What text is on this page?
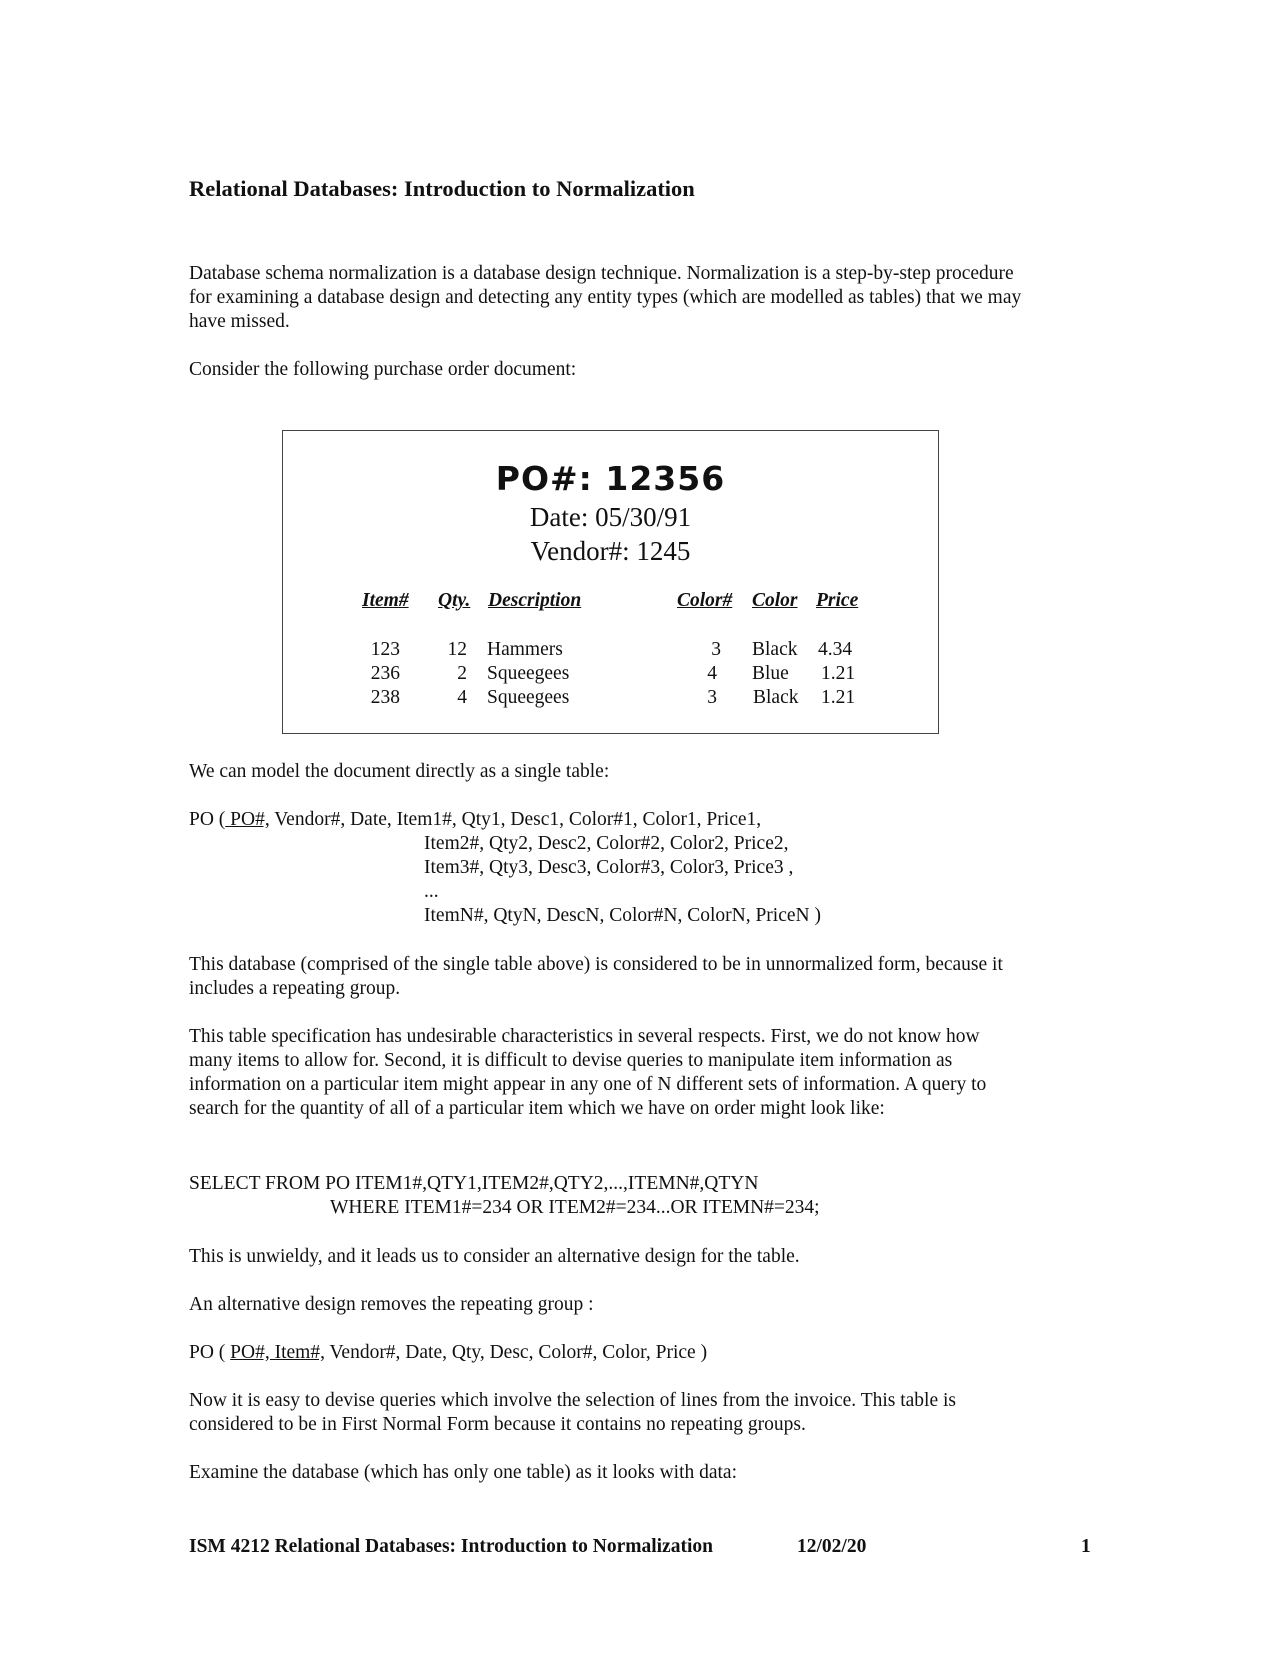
Relational Databases: Introduction to Normalization

Database schema normalization is a database design technique. Normalization is a step-by-step procedure

for examining a database design and detecting any entity types (which are modelled as tables) that we may

have missed.

Consider the following purchase order document:

PO#: 12356
Date: 05/30/91
Vendor#: 1245
Item# Qty. Description	Color# Color Price
123	12 Hammers	3 Black 4.34
236	2 Squeegees	4 Blue 1.21
238	4 Squeegees	3 Black 1.21

We can model the document directly as a single table:

PO ( PO#, Vendor#, Date, Item1#, Qty1, Desc1, Color#1, Color1, Price1,
Item2#, Qty2, Desc2, Color#2, Color2, Price2,
Item3#, Qty3, Desc3, Color#3, Color3, Price3 ,
...
ItemN#, QtyN, DescN, Color#N, ColorN, PriceN )

This database (comprised of the single table above) is considered to be in unnormalized form, because it

includes a repeating group.

This table specification has undesirable characteristics in several respects. First, we do not know how

many items to allow for. Second, it is difficult to devise queries to manipulate item information as

information on a particular item might appear in any one of N different sets of information. A query to

search for the quantity of all of a particular item which we have on order might look like:

SELECT FROM PO ITEM1#,QTY1,ITEM2#,QTY2,...,ITEMN#,QTYN
WHERE ITEM1#=234 OR ITEM2#=234...OR ITEMN#=234;

This is unwieldy, and it leads us to consider an alternative design for the table.

An alternative design removes the repeating group :

PO ( PO#, Item#, Vendor#, Date, Qty, Desc, Color#, Color, Price )

Now it is easy to devise queries which involve the selection of lines from the invoice. This table is

considered to be in First Normal Form because it contains no repeating groups.

Examine the database (which has only one table) as it looks with data:

ISM 4212 Relational Databases: Introduction to Normalization	12/02/20	1
